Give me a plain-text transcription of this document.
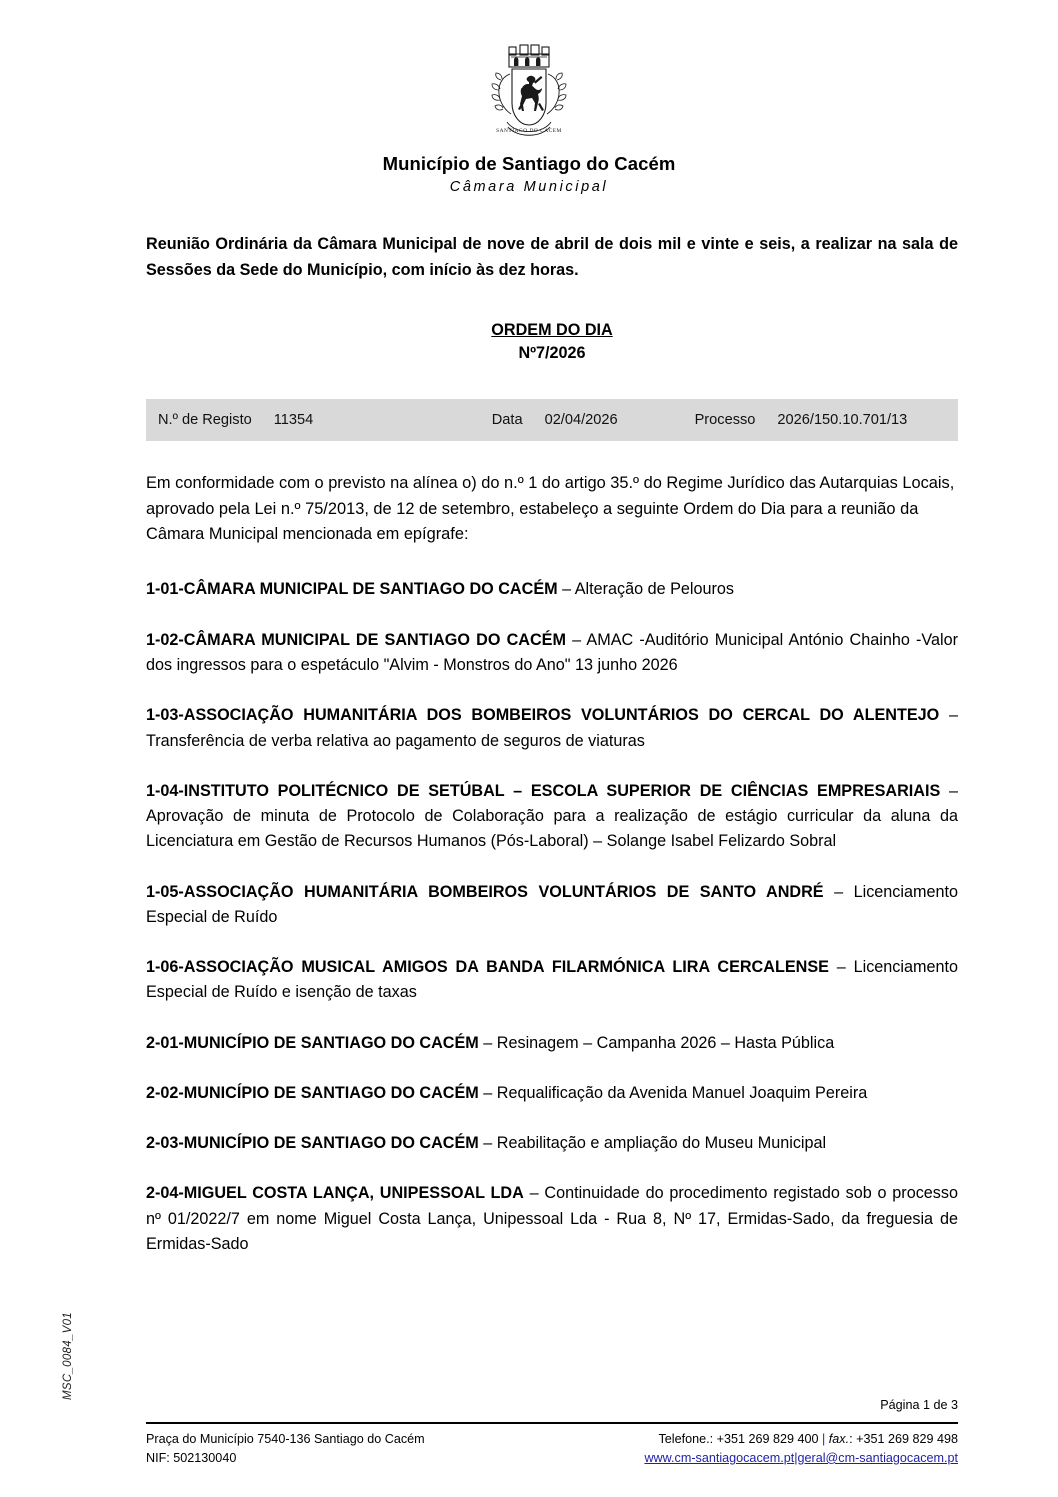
MSC_0084_V01
SANTIAGO DO CACEM
Município de Santiago do Cacém
Câmara Municipal
Reunião Ordinária da Câmara Municipal de nove de abril de dois mil e vinte e seis, a realizar na sala de Sessões da Sede do Município, com início às dez horas.
ORDEM DO DIA
Nº7/2026
N.º de Registo	11354	Data	02/04/2026	Processo	2026/150.10.701/13
Em conformidade com o previsto na alínea o) do n.º 1 do artigo 35.º do Regime Jurídico das Autarquias Locais, aprovado pela Lei n.º 75/2013, de 12 de setembro, estabeleço a seguinte Ordem do Dia para a reunião da Câmara Municipal mencionada em epígrafe:
1-01-CÂMARA MUNICIPAL DE SANTIAGO DO CACÉM – Alteração de Pelouros
1-02-CÂMARA MUNICIPAL DE SANTIAGO DO CACÉM – AMAC -Auditório Municipal António Chainho -Valor dos ingressos para o espetáculo "Alvim - Monstros do Ano" 13 junho 2026
1-03-ASSOCIAÇÃO HUMANITÁRIA DOS BOMBEIROS VOLUNTÁRIOS DO CERCAL DO ALENTEJO – Transferência de verba relativa ao pagamento de seguros de viaturas
1-04-INSTITUTO POLITÉCNICO DE SETÚBAL – ESCOLA SUPERIOR DE CIÊNCIAS EMPRESARIAIS – Aprovação de minuta de Protocolo de Colaboração para a realização de estágio curricular da aluna da Licenciatura em Gestão de Recursos Humanos (Pós-Laboral) – Solange Isabel Felizardo Sobral
1-05-ASSOCIAÇÃO HUMANITÁRIA BOMBEIROS VOLUNTÁRIOS DE SANTO ANDRÉ – Licenciamento Especial de Ruído
1-06-ASSOCIAÇÃO MUSICAL AMIGOS DA BANDA FILARMÓNICA LIRA CERCALENSE – Licenciamento Especial de Ruído e isenção de taxas
2-01-MUNICÍPIO DE SANTIAGO DO CACÉM – Resinagem – Campanha 2026 – Hasta Pública
2-02-MUNICÍPIO DE SANTIAGO DO CACÉM – Requalificação da Avenida Manuel Joaquim Pereira
2-03-MUNICÍPIO DE SANTIAGO DO CACÉM – Reabilitação e ampliação do Museu Municipal
2-04-MIGUEL COSTA LANÇA, UNIPESSOAL LDA – Continuidade do procedimento registado sob o processo nº 01/2022/7 em nome Miguel Costa Lança, Unipessoal Lda - Rua 8, Nº 17, Ermidas-Sado, da freguesia de Ermidas-Sado
Página 1 de 3
Praça do Município 7540-136 Santiago do Cacém
NIF: 502130040
Telefone.: +351 269 829 400 | fax.: +351 269 829 498
www.cm-santiagocacem.pt|geral@cm-santiagocacem.pt
